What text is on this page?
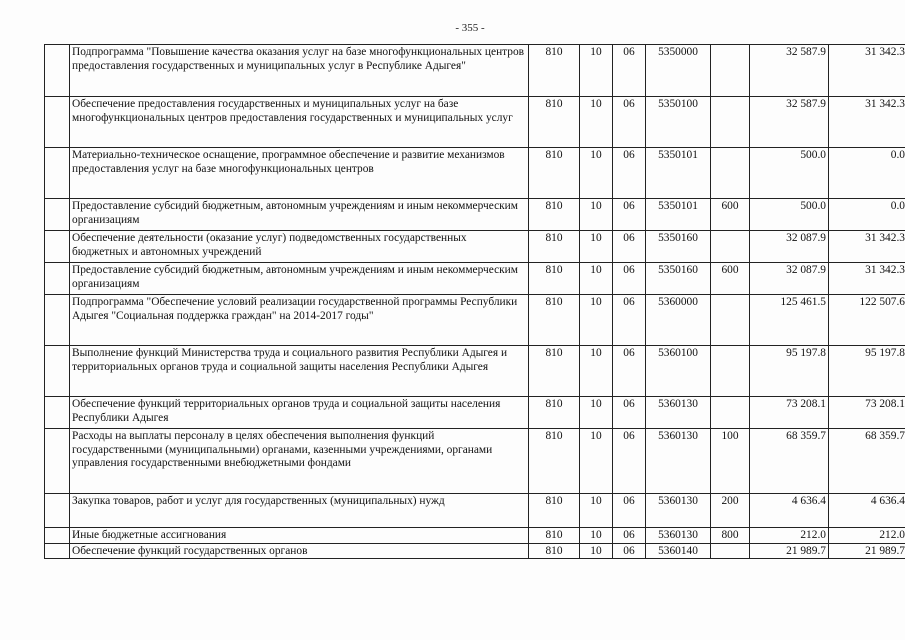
- 355 -
	Подпрограмма "Повышение качества оказания услуг на базе многофункциональных центров предоставления государственных и муниципальных услуг в Республике Адыгея"	810	10	06	5350000		32 587.9	31 342.3
	Обеспечение предоставления государственных и муниципальных услуг на базе многофункциональных центров предоставления государственных и муниципальных услуг	810	10	06	5350100		32 587.9	31 342.3
	Материально-техническое оснащение, программное обеспечение и развитие механизмов предоставления услуг на базе многофункциональных центров	810	10	06	5350101		500.0	0.0
	Предоставление субсидий бюджетным, автономным учреждениям и иным некоммерческим организациям	810	10	06	5350101	600	500.0	0.0
	Обеспечение деятельности (оказание услуг) подведомственных государственных бюджетных и автономных учреждений	810	10	06	5350160		32 087.9	31 342.3
	Предоставление субсидий бюджетным, автономным учреждениям и иным некоммерческим организациям	810	10	06	5350160	600	32 087.9	31 342.3
	Подпрограмма "Обеспечение условий реализации государственной программы Республики Адыгея "Социальная поддержка граждан" на 2014-2017 годы"	810	10	06	5360000		125 461.5	122 507.6
	Выполнение функций Министерства труда и социального развития Республики Адыгея и территориальных органов труда и социальной защиты населения Республики Адыгея	810	10	06	5360100		95 197.8	95 197.8
	Обеспечение функций территориальных органов труда и социальной защиты населения Республики Адыгея	810	10	06	5360130		73 208.1	73 208.1
	Расходы на выплаты персоналу в целях обеспечения выполнения функций государственными (муниципальными) органами, казенными учреждениями, органами управления государственными внебюджетными фондами	810	10	06	5360130	100	68 359.7	68 359.7
	Закупка товаров, работ и услуг для государственных (муниципальных) нужд	810	10	06	5360130	200	4 636.4	4 636.4
	Иные бюджетные ассигнования	810	10	06	5360130	800	212.0	212.0
	Обеспечение функций государственных органов	810	10	06	5360140		21 989.7	21 989.7
